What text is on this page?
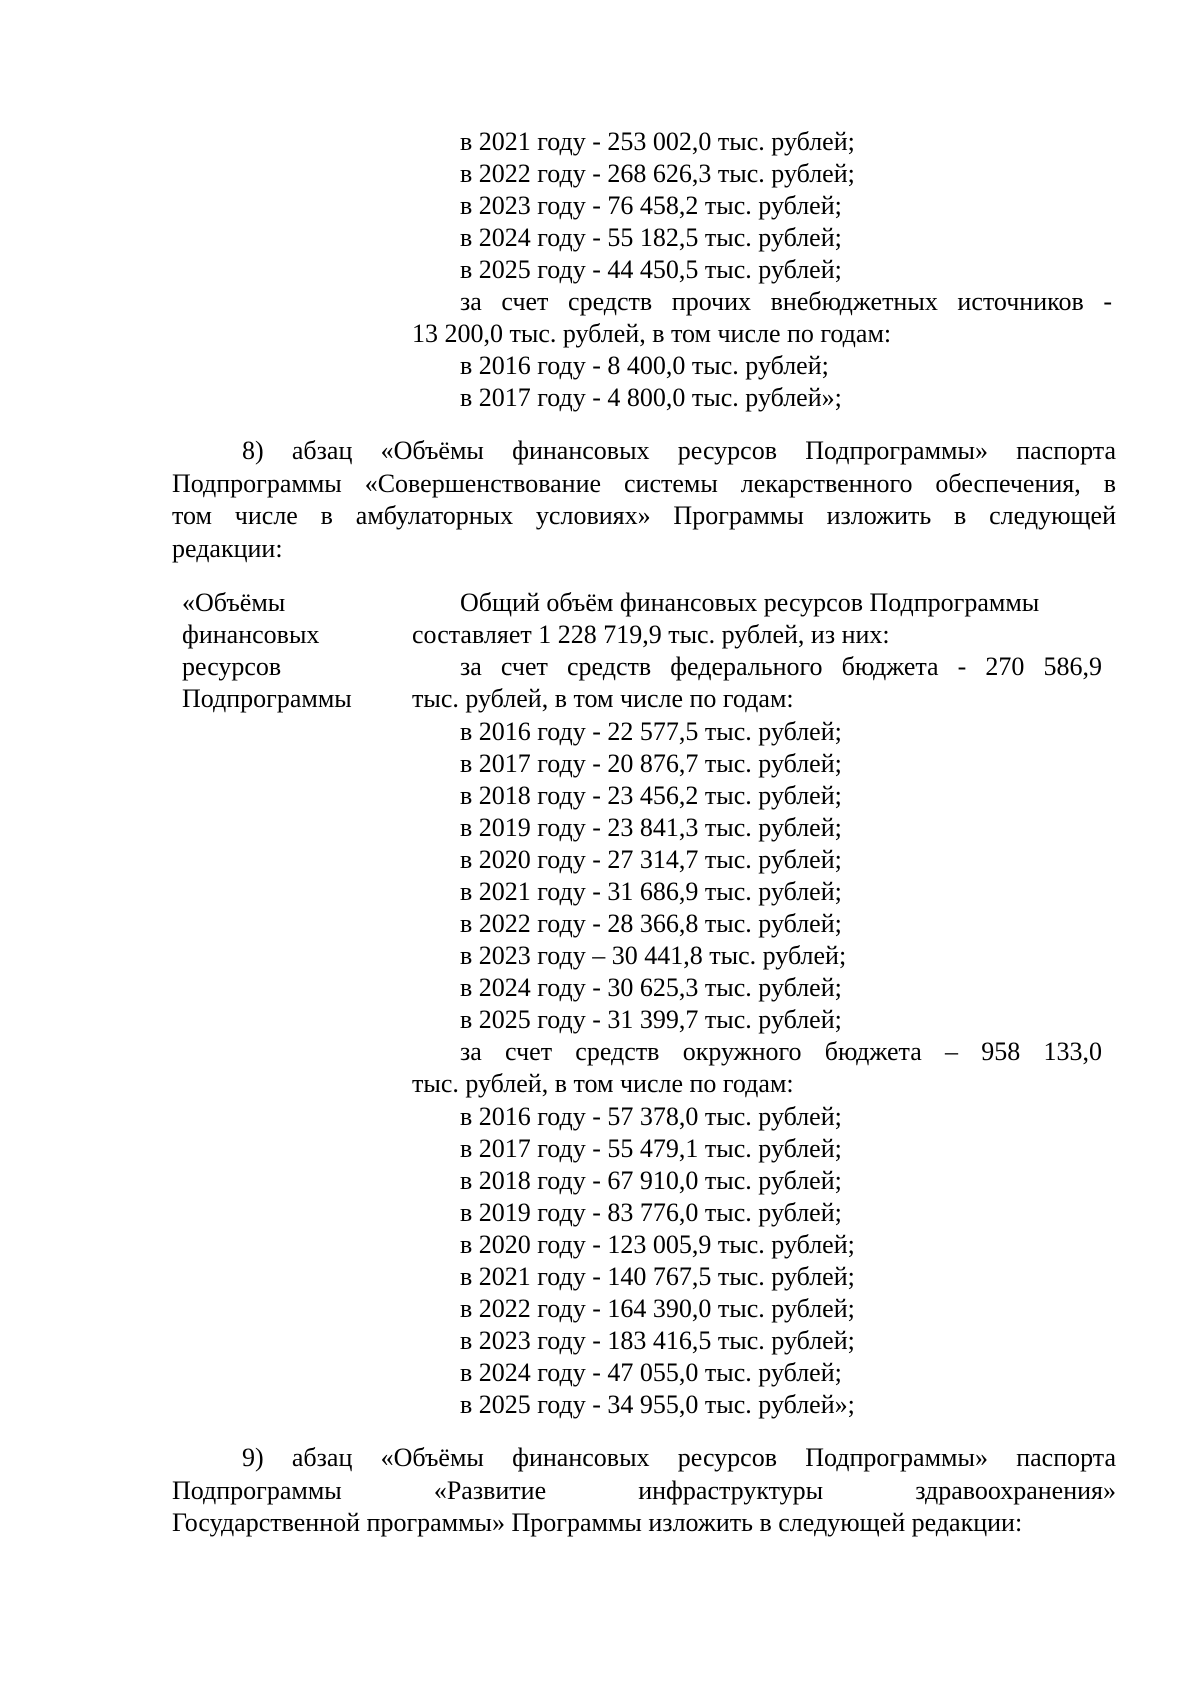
в 2021 году - 253 002,0 тыс. рублей;
в 2022 году - 268 626,3 тыс. рублей;
в 2023 году - 76 458,2 тыс. рублей;
в 2024 году - 55 182,5 тыс. рублей;
в 2025 году - 44 450,5 тыс. рублей;
за счет средств прочих внебюджетных источников -
13 200,0 тыс. рублей, в том числе по годам:
в 2016 году - 8 400,0 тыс. рублей;
в 2017 году - 4 800,0 тыс. рублей»;
8) абзац «Объёмы финансовых ресурсов Подпрограммы» паспорта
Подпрограммы «Совершенствование системы лекарственного обеспечения, в
том числе в амбулаторных условиях» Программы изложить в следующей
редакции:
«Объёмы
финансовых
ресурсов
Подпрограммы
Общий объём финансовых ресурсов Подпрограммы
составляет 1 228 719,9 тыс. рублей, из них:
за счет средств федерального бюджета - 270 586,9
тыс. рублей, в том числе по годам:
в 2016 году - 22 577,5 тыс. рублей;
в 2017 году - 20 876,7 тыс. рублей;
в 2018 году - 23 456,2 тыс. рублей;
в 2019 году - 23 841,3 тыс. рублей;
в 2020 году - 27 314,7 тыс. рублей;
в 2021 году - 31 686,9 тыс. рублей;
в 2022 году - 28 366,8 тыс. рублей;
в 2023 году – 30 441,8 тыс. рублей;
в 2024 году - 30 625,3 тыс. рублей;
в 2025 году - 31 399,7 тыс. рублей;
за счет средств окружного бюджета – 958 133,0
тыс. рублей, в том числе по годам:
в 2016 году - 57 378,0 тыс. рублей;
в 2017 году - 55 479,1 тыс. рублей;
в 2018 году - 67 910,0 тыс. рублей;
в 2019 году - 83 776,0 тыс. рублей;
в 2020 году - 123 005,9 тыс. рублей;
в 2021 году - 140 767,5 тыс. рублей;
в 2022 году - 164 390,0 тыс. рублей;
в 2023 году - 183 416,5 тыс. рублей;
в 2024 году - 47 055,0 тыс. рублей;
в 2025 году - 34 955,0 тыс. рублей»;
9) абзац «Объёмы финансовых ресурсов Подпрограммы» паспорта
Подпрограммы «Развитие инфраструктуры здравоохранения»
Государственной программы» Программы изложить в следующей редакции:
